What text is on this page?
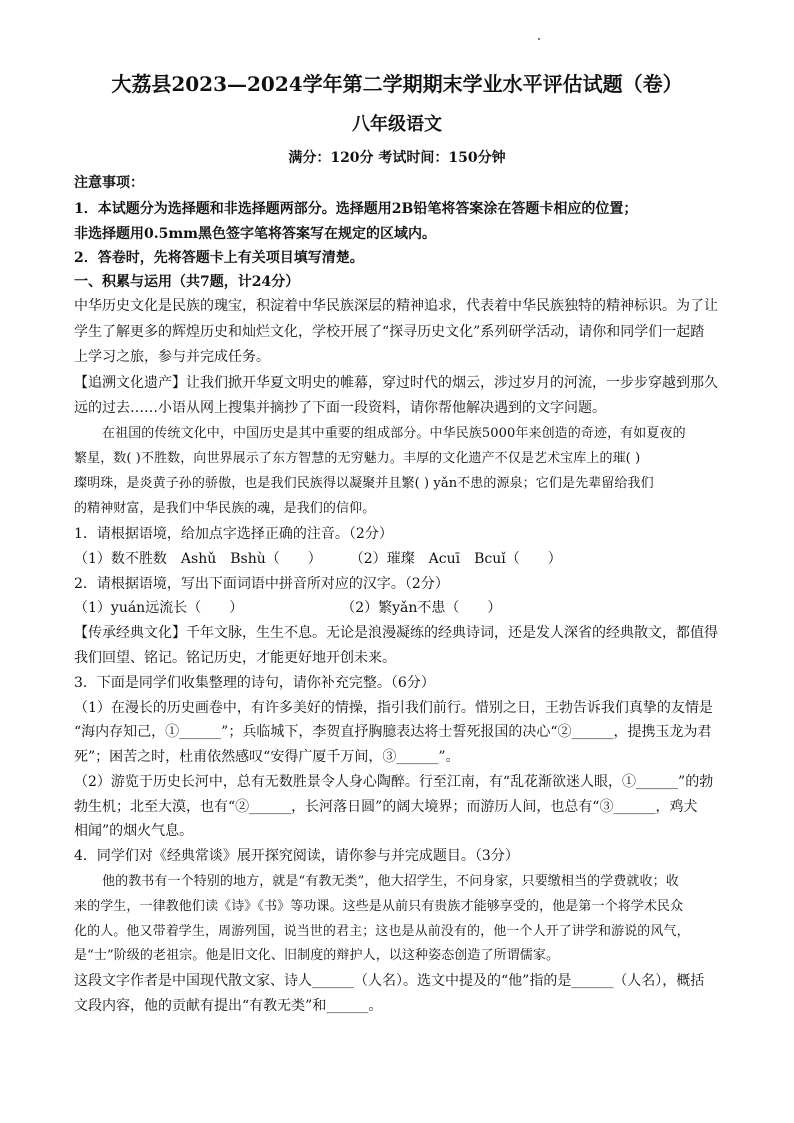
大荔县2023—2024学年第二学期期末学业水平评估试题（卷）
八年级语文
满分：120分 考试时间：150分钟
注意事项：
1．本试题分为选择题和非选择题两部分。选择题用2B铅笔将答案涂在答题卡相应的位置；
非选择题用0.5mm黑色签字笔将答案写在规定的区域内。
2．答卷时，先将答题卡上有关项目填写清楚。
一、积累与运用（共7题，计24分）
中华历史文化是民族的瑰宝，积淀着中华民族深层的精神追求，代表着中华民族独特的精神标识。为了让
学生了解更多的辉煌历史和灿烂文化，学校开展了“探寻历史文化”系列研学活动，请你和同学们一起踏
上学习之旅，参与并完成任务。
【追溯文化遗产】让我们掀开华夏文明史的帷幕，穿过时代的烟云，涉过岁月的河流，一步步穿越到那久
远的过去……小语从网上搜集并摘抄了下面一段资料，请你帮他解决遇到的文字问题。
在祖国的传统文化中，中国历史是其中重要的组成部分。中华民族5000年来创造的奇迹，有如夏夜的
繁星，数( )不胜数，向世界展示了东方智慧的无穷魅力。丰厚的文化遗产不仅是艺术宝库上的璀( )
璨明珠，是炎黄子孙的骄傲，也是我们民族得以凝聚并且繁( ) yǎn不患的源泉；它们是先辈留给我们
的精神财富，是我们中华民族的魂，是我们的信仰。
1．请根据语境，给加点字选择正确的注音。（2分）
（1）数不胜数　Ashǔ　Bshù（　　）　　　（2）璀璨　Acuī　Bcuǐ（　　）
2．请根据语境，写出下面词语中拼音所对应的汉字。（2分）
（1）yuán远流长（　　）　　　　　　　　（2）繁yǎn不患（　　）
【传承经典文化】千年文脉，生生不息。无论是浪漫凝练的经典诗词，还是发人深省的经典散文，都值得
我们回望、铭记。铭记历史，才能更好地开创未来。
3．下面是同学们收集整理的诗句，请你补充完整。（6分）
（1）在漫长的历史画卷中，有许多美好的情操，指引我们前行。惜别之日，王勃告诉我们真挚的友情是
“海内存知己，①______”；兵临城下，李贺直抒胸臆表达将士誓死报国的决心“②______，提携玉龙为君
死”；困苦之时，杜甫依然感叹“安得广厦千万间，③______”。
（2）游览于历史长河中，总有无数胜景令人身心陶醉。行至江南，有“乱花渐欲迷人眼，①______”的勃
勃生机；北至大漠，也有“②______，长河落日圆”的阔大境界；而游历人间，也总有“③______，鸡犬
相闻”的烟火气息。
4．同学们对《经典常谈》展开探究阅读，请你参与并完成题目。（3分）
他的教书有一个特别的地方，就是“有教无类”，他大招学生，不问身家，只要缴相当的学费就收；收
来的学生，一律教他们读《诗》《书》等功课。这些是从前只有贵族才能够享受的，他是第一个将学术民众
化的人。他又带着学生，周游列国，说当世的君主；这也是从前没有的，他一个人开了讲学和游说的风气，
是“士”阶级的老祖宗。他是旧文化、旧制度的辩护人，以这种姿态创造了所谓儒家。
这段文字作者是中国现代散文家、诗人______（人名）。选文中提及的“他”指的是______（人名），概括
文段内容，他的贡献有提出“有教无类”和______。
